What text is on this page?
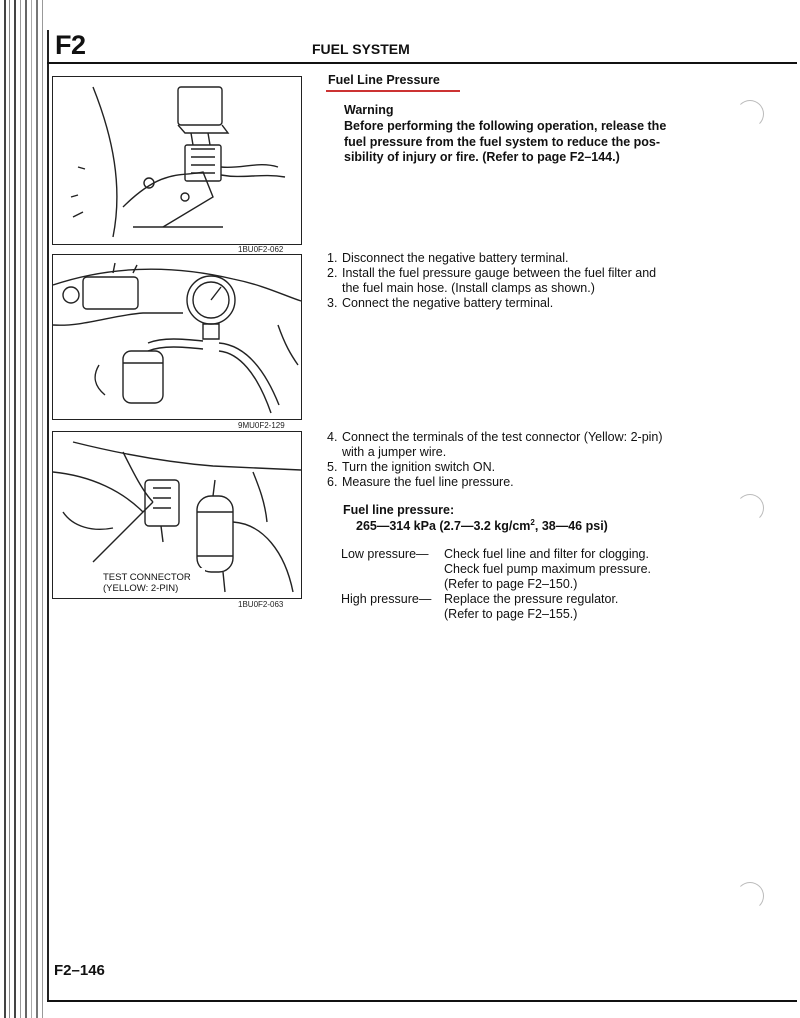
F2	FUEL SYSTEM
1BU0F2-062
9MU0F2-129
TEST CONNECTOR
(YELLOW: 2-PIN)
1BU0F2-063
Fuel Line Pressure
Warning
Before performing the following operation, release the
fuel pressure from the fuel system to reduce the pos-
sibility of injury or fire. (Refer to page F2–144.)
1. Disconnect the negative battery terminal.
2. Install the fuel pressure gauge between the fuel filter and
the fuel main hose. (Install clamps as shown.)
3. Connect the negative battery terminal.
4. Connect the terminals of the test connector (Yellow: 2-pin)
with a jumper wire.
5. Turn the ignition switch ON.
6. Measure the fuel line pressure.
Fuel line pressure:
265—314 kPa (2.7—3.2 $kg/cm^2$, 38—46 psi)
Low pressure— Check fuel line and filter for clogging.
Check fuel pump maximum pressure.
(Refer to page F2–150.)
High pressure— Replace the pressure regulator.
(Refer to page F2–155.)
F2–146
